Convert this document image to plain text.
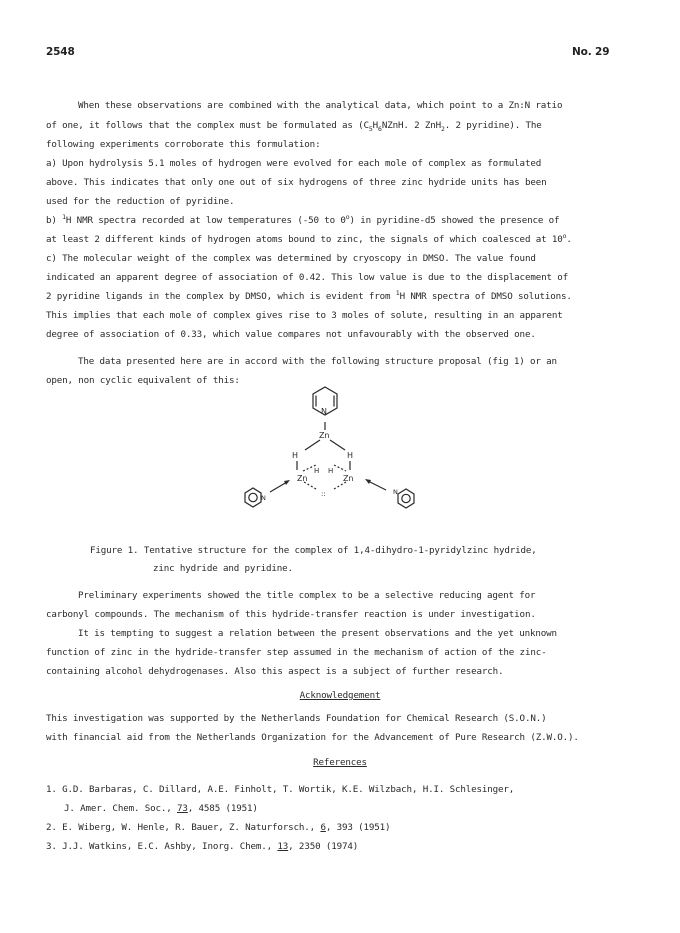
2548	No. 29
When these observations are combined with the analytical data, which point to a Zn:N ratio
of one, it follows that the complex must be formulated as ($C_5H_6NZnH$. 2 ZnH$_2$. 2 pyridine). The
following experiments corroborate this formulation:
a) Upon hydrolysis 5.1 moles of hydrogen were evolved for each mole of complex as formulated
above. This indicates that only one out of six hydrogens of three zinc hydride units has been
used for the reduction of pyridine.
b) $^1$H NMR spectra recorded at low temperatures (-50 to 0$^o$) in pyridine-d5 showed the presence of
at least 2 different kinds of hydrogen atoms bound to zinc, the signals of which coalesced at 10$^o$.
c) The molecular weight of the complex was determined by cryoscopy in DMSO. The value found
indicated an apparent degree of association of 0.42. This low value is due to the displacement of
2 pyridine ligands in the complex by DMSO, which is evident from $^1$H NMR spectra of DMSO solutions.
This implies that each mole of complex gives rise to 3 moles of solute, resulting in an apparent
degree of association of 0.33, which value compares not unfavourably with the observed one.
The data presented here are in accord with the following structure proposal (fig 1) or an
open, non cyclic equivalent of this:
N
Zn
H	H
H H
Zn	Zn
::
N
N
Figure 1. Tentative structure for the complex of 1,4-dihydro-1-pyridylzinc hydride,
zinc hydride and pyridine.
Preliminary experiments showed the title complex to be a selective reducing agent for
carbonyl compounds. The mechanism of this hydride-transfer reaction is under investigation.
It is tempting to suggest a relation between the present observations and the yet unknown
function of zinc in the hydride-transfer step assumed in the mechanism of action of the zinc-
containing alcohol dehydrogenases. Also this aspect is a subject of further research.
Acknowledgement
This investigation was supported by the Netherlands Foundation for Chemical Research (S.O.N.)
with financial aid from the Netherlands Organization for the Advancement of Pure Research (Z.W.O.).
References
1. G.D. Barbaras, C. Dillard, A.E. Finholt, T. Wortik, K.E. Wilzbach, H.I. Schlesinger,
J. Amer. Chem. Soc., 73, 4585 (1951)
2. E. Wiberg, W. Henle, R. Bauer, Z. Naturforsch., 6, 393 (1951)
3. J.J. Watkins, E.C. Ashby, Inorg. Chem., 13, 2350 (1974)
